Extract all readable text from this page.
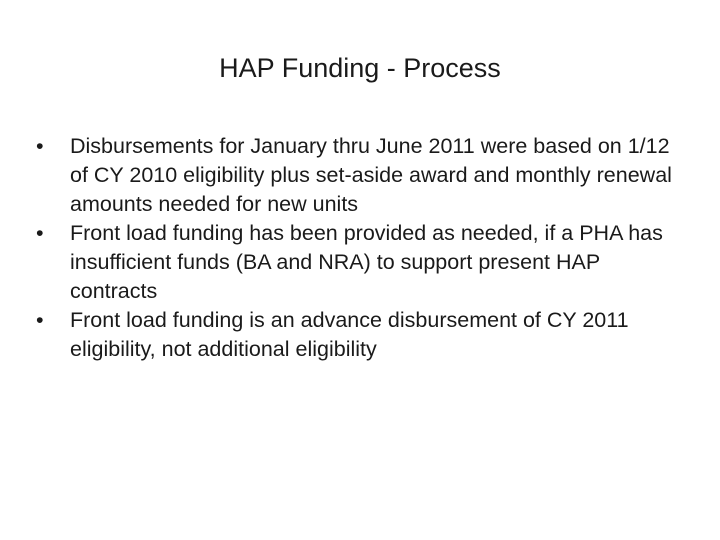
HAP Funding - Process
•	Disbursements for January thru June 2011 were based on 1/12 of CY 2010 eligibility plus set-aside award and monthly renewal amounts needed for new units
•	Front load funding has been provided as needed, if a PHA has insufficient funds (BA and NRA) to support present HAP contracts
•	Front load funding is an advance disbursement of CY 2011 eligibility, not additional eligibility
